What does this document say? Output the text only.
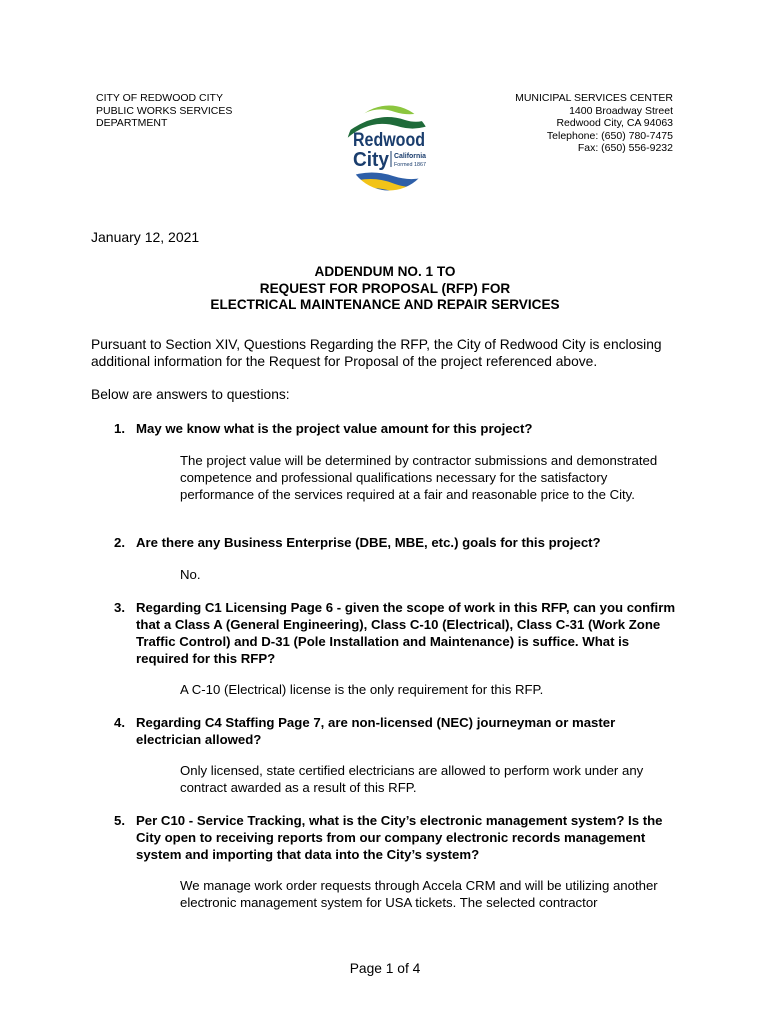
CITY OF REDWOOD CITY
PUBLIC WORKS SERVICES
DEPARTMENT
Redwood
City California
Formed 1867
MUNICIPAL SERVICES CENTER
1400 Broadway Street
Redwood City, CA 94063
Telephone: (650) 780-7475
Fax: (650) 556-9232
January 12, 2021
ADDENDUM NO. 1 TO
REQUEST FOR PROPOSAL (RFP) FOR
ELECTRICAL MAINTENANCE AND REPAIR SERVICES
Pursuant to Section XIV, Questions Regarding the RFP, the City of Redwood City is enclosing additional information for the Request for Proposal of the project referenced above.
Below are answers to questions:
1. May we know what is the project value amount for this project?
The project value will be determined by contractor submissions and demonstrated competence and professional qualifications necessary for the satisfactory performance of the services required at a fair and reasonable price to the City.
2. Are there any Business Enterprise (DBE, MBE, etc.) goals for this project?
No.
3. Regarding C1 Licensing Page 6 - given the scope of work in this RFP, can you confirm that a Class A (General Engineering), Class C-10 (Electrical), Class C-31 (Work Zone Traffic Control) and D-31 (Pole Installation and Maintenance) is suffice. What is required for this RFP?
A C-10 (Electrical) license is the only requirement for this RFP.
4. Regarding C4 Staffing Page 7, are non-licensed (NEC) journeyman or master electrician allowed?
Only licensed, state certified electricians are allowed to perform work under any contract awarded as a result of this RFP.
5. Per C10 - Service Tracking, what is the City’s electronic management system? Is the City open to receiving reports from our company electronic records management system and importing that data into the City’s system?
We manage work order requests through Accela CRM and will be utilizing another electronic management system for USA tickets. The selected contractor
Page 1 of 4
